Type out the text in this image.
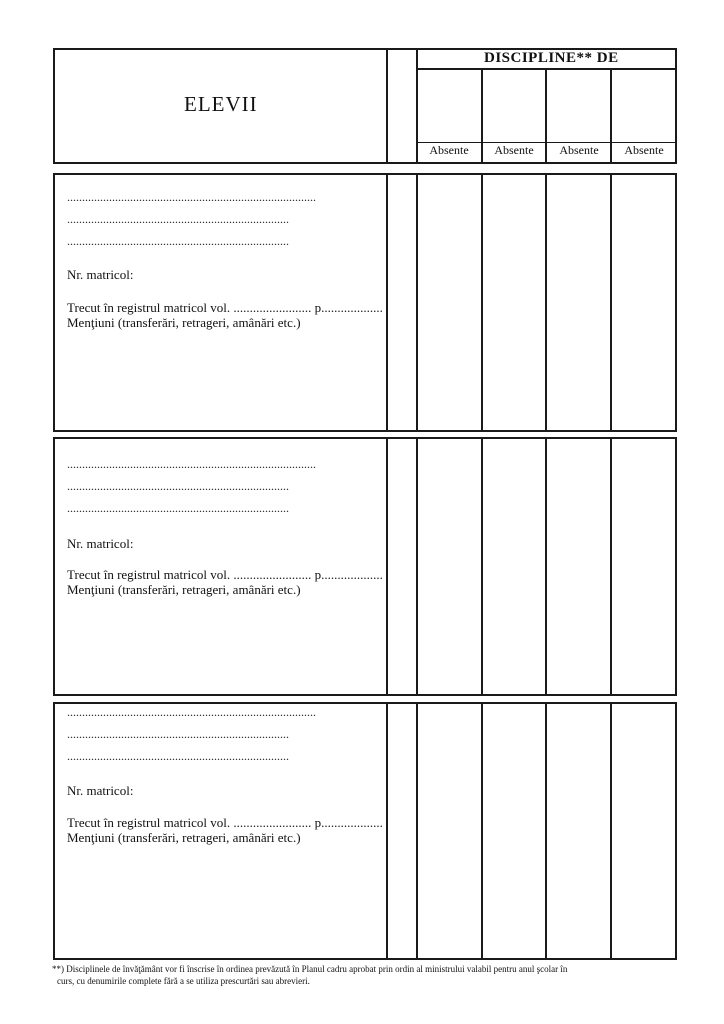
ELEVII
DISCIPLINE** DE
Absente	Absente	Absente	Absente
...................................................................................
..........................................................................
..........................................................................
Nr. matricol:
Trecut în registrul matricol vol. ........................ p...................
Menţiuni (transferări, retrageri, amânări etc.)
...................................................................................
..........................................................................
..........................................................................
Nr. matricol:
Trecut în registrul matricol vol. ........................ p...................
Menţiuni (transferări, retrageri, amânări etc.)
...................................................................................
..........................................................................
..........................................................................
Nr. matricol:
Trecut în registrul matricol vol. ........................ p...................
Menţiuni (transferări, retrageri, amânări etc.)
**) Disciplinele de învăţământ vor fi înscrise în ordinea prevăzută în Planul cadru aprobat prin ordin al ministrului valabil pentru anul şcolar în
curs, cu denumirile complete fără a se utiliza prescurtări sau abrevieri.
